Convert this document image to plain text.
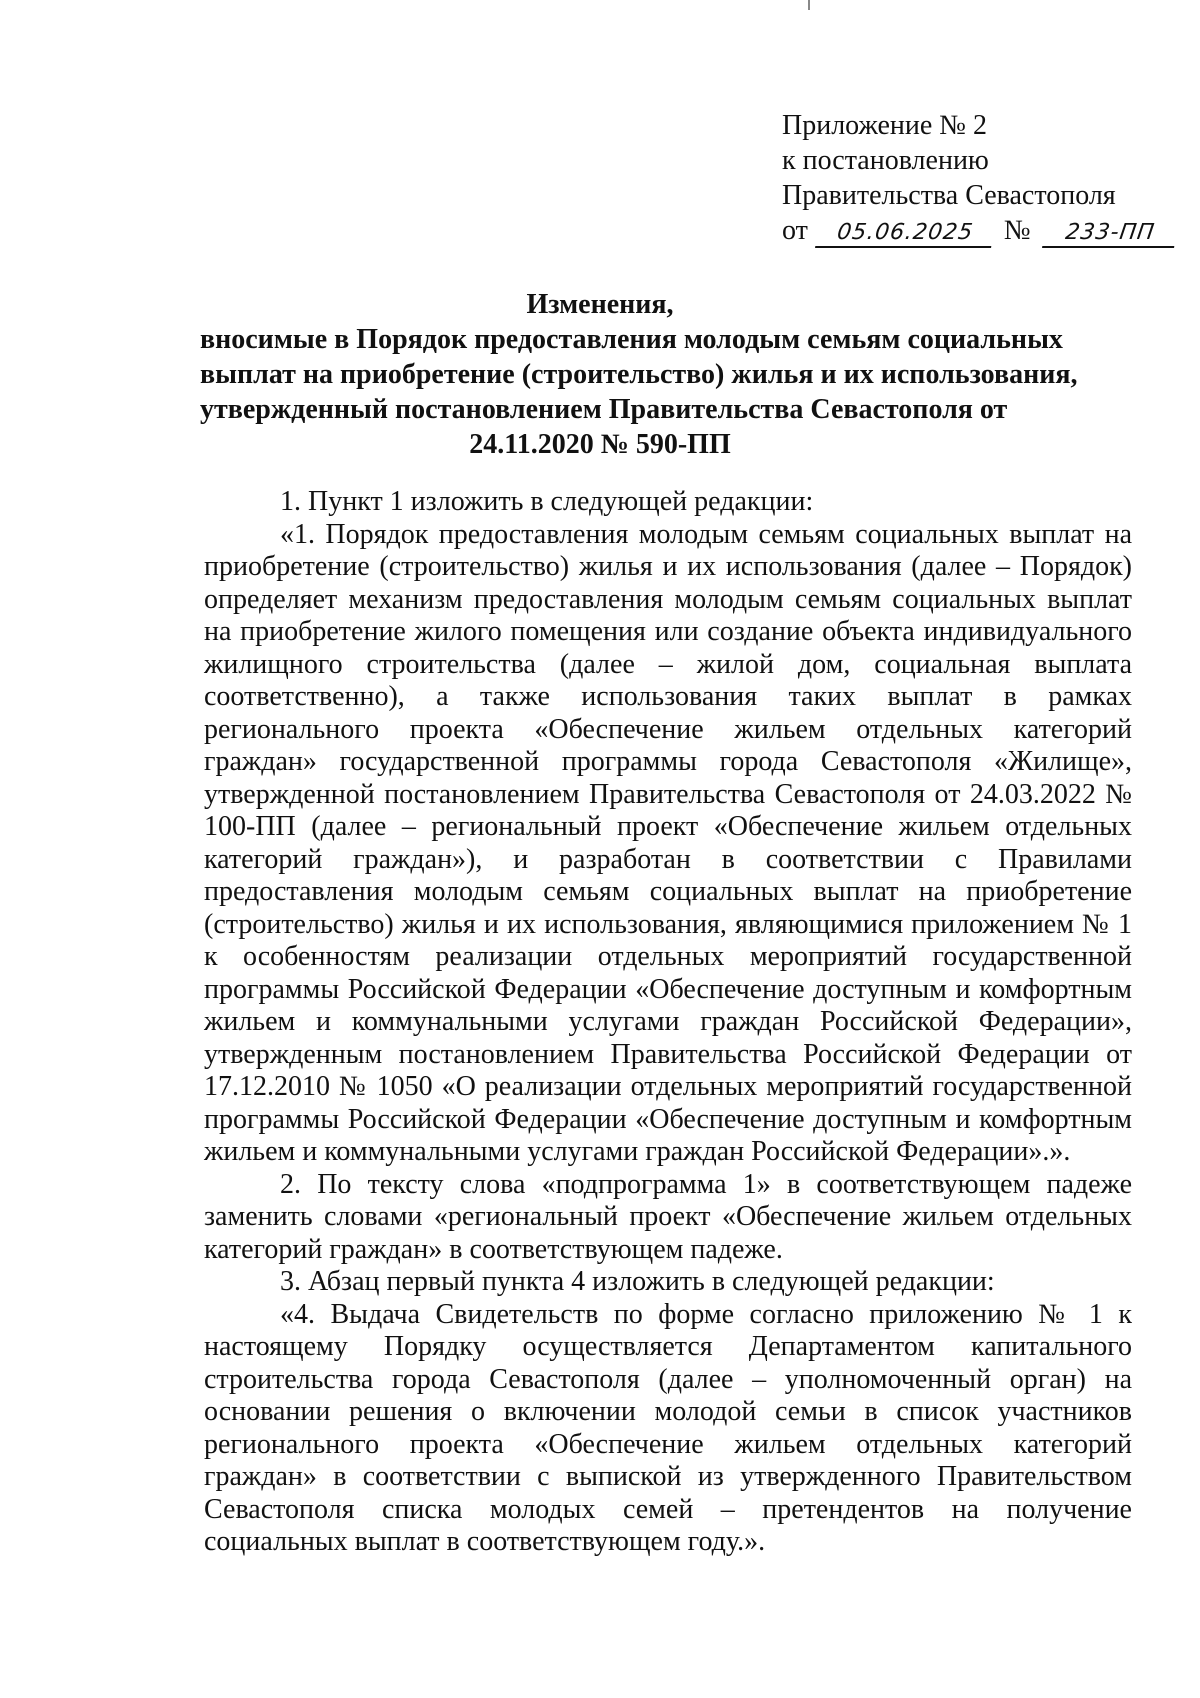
Приложение № 2
к постановлению
Правительства Севастополя
от 05.06.2025 № 233-ПП
Изменения,
вносимые в Порядок предоставления молодым семьям социальных
выплат на приобретение (строительство) жилья и их использования,
утвержденный постановлением Правительства Севастополя от
24.11.2020 № 590-ПП

1. Пункт 1 изложить в следующей редакции:

«1. Порядок предоставления молодым семьям социальных выплат на приобретение (строительство) жилья и их использования (далее – Порядок) определяет механизм предоставления молодым семьям социальных выплат на приобретение жилого помещения или создание объекта индивидуального жилищного строительства (далее – жилой дом, социальная выплата соответственно), а также использования таких выплат в рамках регионального проекта «Обеспечение жильем отдельных категорий граждан» государственной программы города Севастополя «Жилище», утвержденной постановлением Правительства Севастополя от 24.03.2022 № 100-ПП (далее – региональный проект «Обеспечение жильем отдельных категорий граждан»), и разработан в соответствии с Правилами предоставления молодым семьям социальных выплат на приобретение (строительство) жилья и их использования, являющимися приложением № 1 к особенностям реализации отдельных мероприятий государственной программы Российской Федерации «Обеспечение доступным и комфортным жильем и коммунальными услугами граждан Российской Федерации», утвержденным постановлением Правительства Российской Федерации от 17.12.2010 № 1050 «О реализации отдельных мероприятий государственной программы Российской Федерации «Обеспечение доступным и комфортным жильем и коммунальными услугами граждан Российской Федерации».».

2. По тексту слова «подпрограмма 1» в соответствующем падеже заменить словами «региональный проект «Обеспечение жильем отдельных категорий граждан» в соответствующем падеже.

3. Абзац первый пункта 4 изложить в следующей редакции:

«4. Выдача Свидетельств по форме согласно приложению № 1 к настоящему Порядку осуществляется Департаментом капитального строительства города Севастополя (далее – уполномоченный орган) на основании решения о включении молодой семьи в список участников регионального проекта «Обеспечение жильем отдельных категорий граждан» в соответствии с выпиской из утвержденного Правительством Севастополя списка молодых семей – претендентов на получение социальных выплат в соответствующем году.».
